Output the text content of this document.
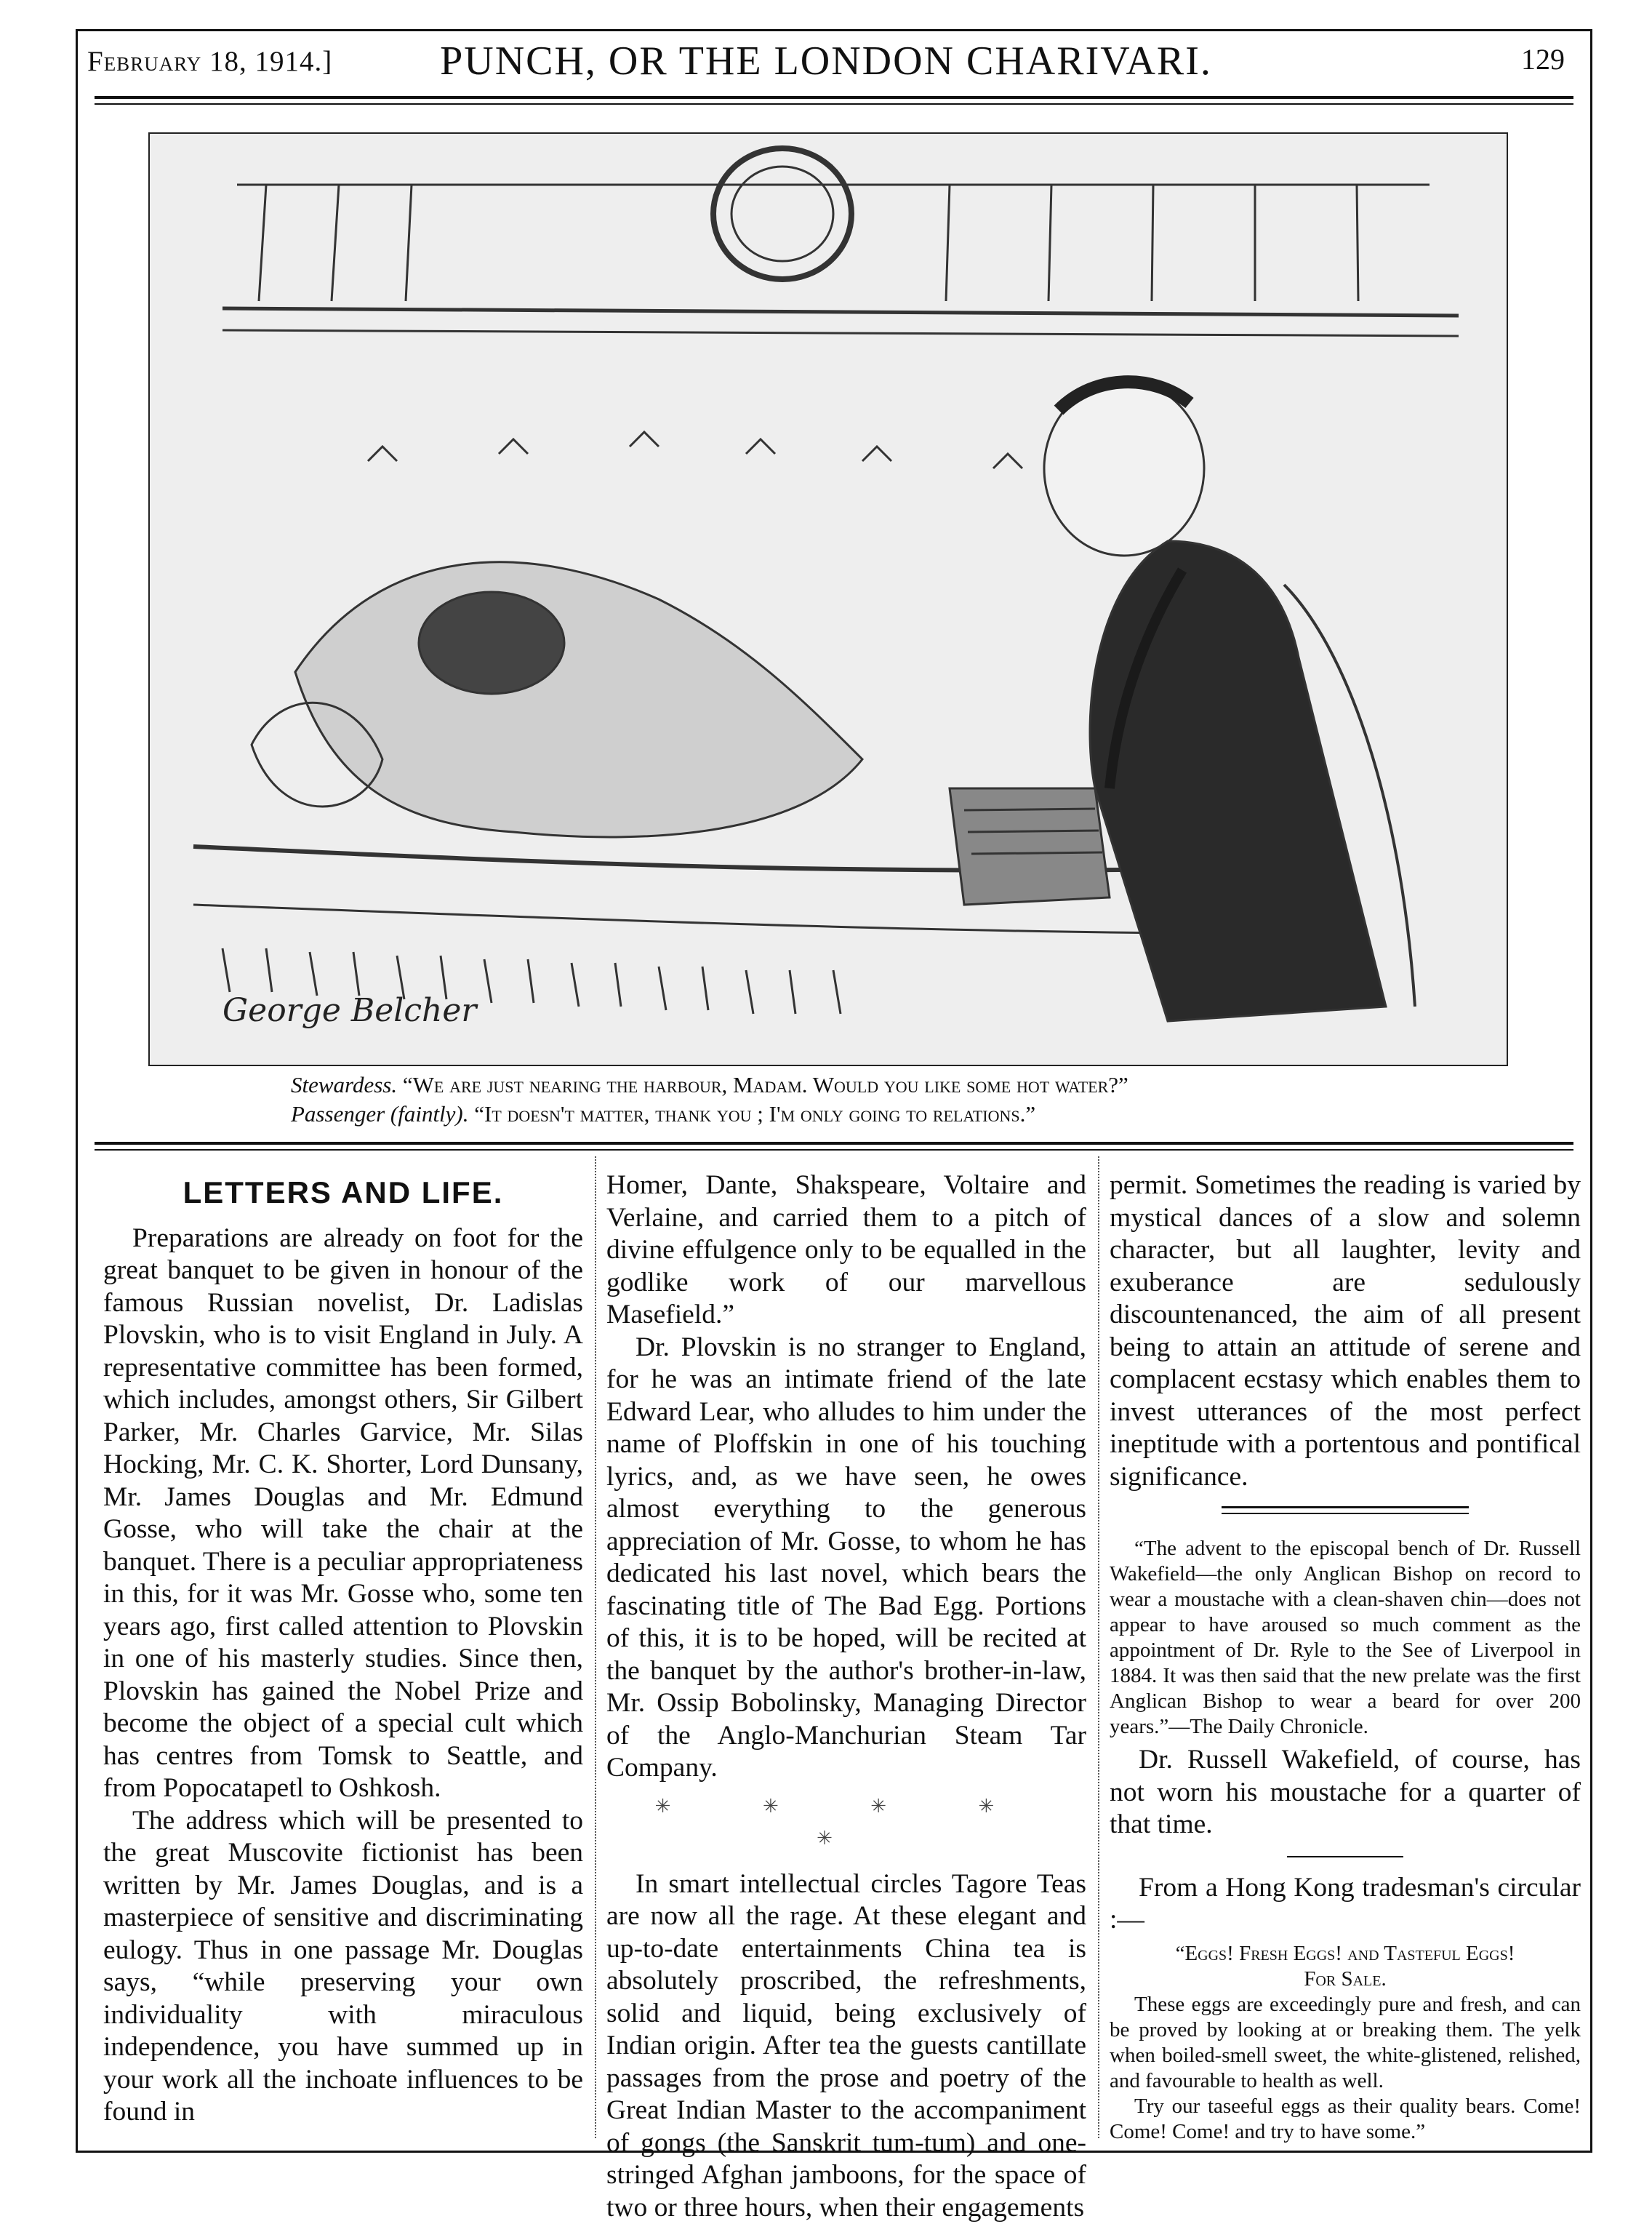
February 18, 1914.]	PUNCH, OR THE LONDON CHARIVARI.	129
George Belcher
Stewardess. “We are just nearing the harbour, Madam. Would you like some hot water?”
Passenger (faintly). “It doesn't matter, thank you ; I'm only going to relations.”
LETTERS AND LIFE.

Preparations are already on foot for the great banquet to be given in honour of the famous Russian novelist, Dr. Ladislas Plovskin, who is to visit England in July. A representative committee has been formed, which includes, amongst others, Sir Gilbert Parker, Mr. Charles Garvice, Mr. Silas Hocking, Mr. C. K. Shorter, Lord Dunsany, Mr. James Douglas and Mr. Edmund Gosse, who will take the chair at the banquet. There is a peculiar appropriateness in this, for it was Mr. Gosse who, some ten years ago, first called attention to Plovskin in one of his masterly studies. Since then, Plovskin has gained the Nobel Prize and become the object of a special cult which has centres from Tomsk to Seattle, and from Popocatapetl to Oshkosh.

The address which will be presented to the great Muscovite fictionist has been written by Mr. James Douglas, and is a masterpiece of sensitive and discriminating eulogy. Thus in one passage Mr. Douglas says, “while preserving your own individuality with miraculous independence, you have summed up in your work all the inchoate influences to be found in

Homer, Dante, Shakspeare, Voltaire and Verlaine, and carried them to a pitch of divine effulgence only to be equalled in the godlike work of our marvellous Masefield.”

Dr. Plovskin is no stranger to England, for he was an intimate friend of the late Edward Lear, who alludes to him under the name of Ploffskin in one of his touching lyrics, and, as we have seen, he owes almost everything to the generous appreciation of Mr. Gosse, to whom he has dedicated his last novel, which bears the fascinating title of The Bad Egg. Portions of this, it is to be hoped, will be recited at the banquet by the author's brother-in-law, Mr. Ossip Bobolinsky, Managing Director of the Anglo-Manchurian Steam Tar Company.

✳ ✳ ✳ ✳ ✳

In smart intellectual circles Tagore Teas are now all the rage. At these elegant and up-to-date entertainments China tea is absolutely proscribed, the refreshments, solid and liquid, being exclusively of Indian origin. After tea the guests cantillate passages from the prose and poetry of the Great Indian Master to the accompaniment of gongs (the Sanskrit tum-tum) and one-stringed Afghan jamboons, for the space of two or three hours, when their engagements

permit. Sometimes the reading is varied by mystical dances of a slow and solemn character, but all laughter, levity and exuberance are sedulously discountenanced, the aim of all present being to attain an attitude of serene and complacent ecstasy which enables them to invest utterances of the most perfect ineptitude with a portentous and pontifical significance.

“The advent to the episcopal bench of Dr. Russell Wakefield—the only Anglican Bishop on record to wear a moustache with a clean-shaven chin—does not appear to have aroused so much comment as the appointment of Dr. Ryle to the See of Liverpool in 1884. It was then said that the new prelate was the first Anglican Bishop to wear a beard for over 200 years.”—The Daily Chronicle.

Dr. Russell Wakefield, of course, has not worn his moustache for a quarter of that time.

From a Hong Kong tradesman's circular :—

“Eggs! Fresh Eggs! and Tasteful Eggs!
For Sale.

These eggs are exceedingly pure and fresh, and can be proved by looking at or breaking them. The yelk when boiled-smell sweet, the white-glistened, relished, and favourable to health as well.

Try our taseeful eggs as their quality bears. Come! Come! Come! and try to have some.”
